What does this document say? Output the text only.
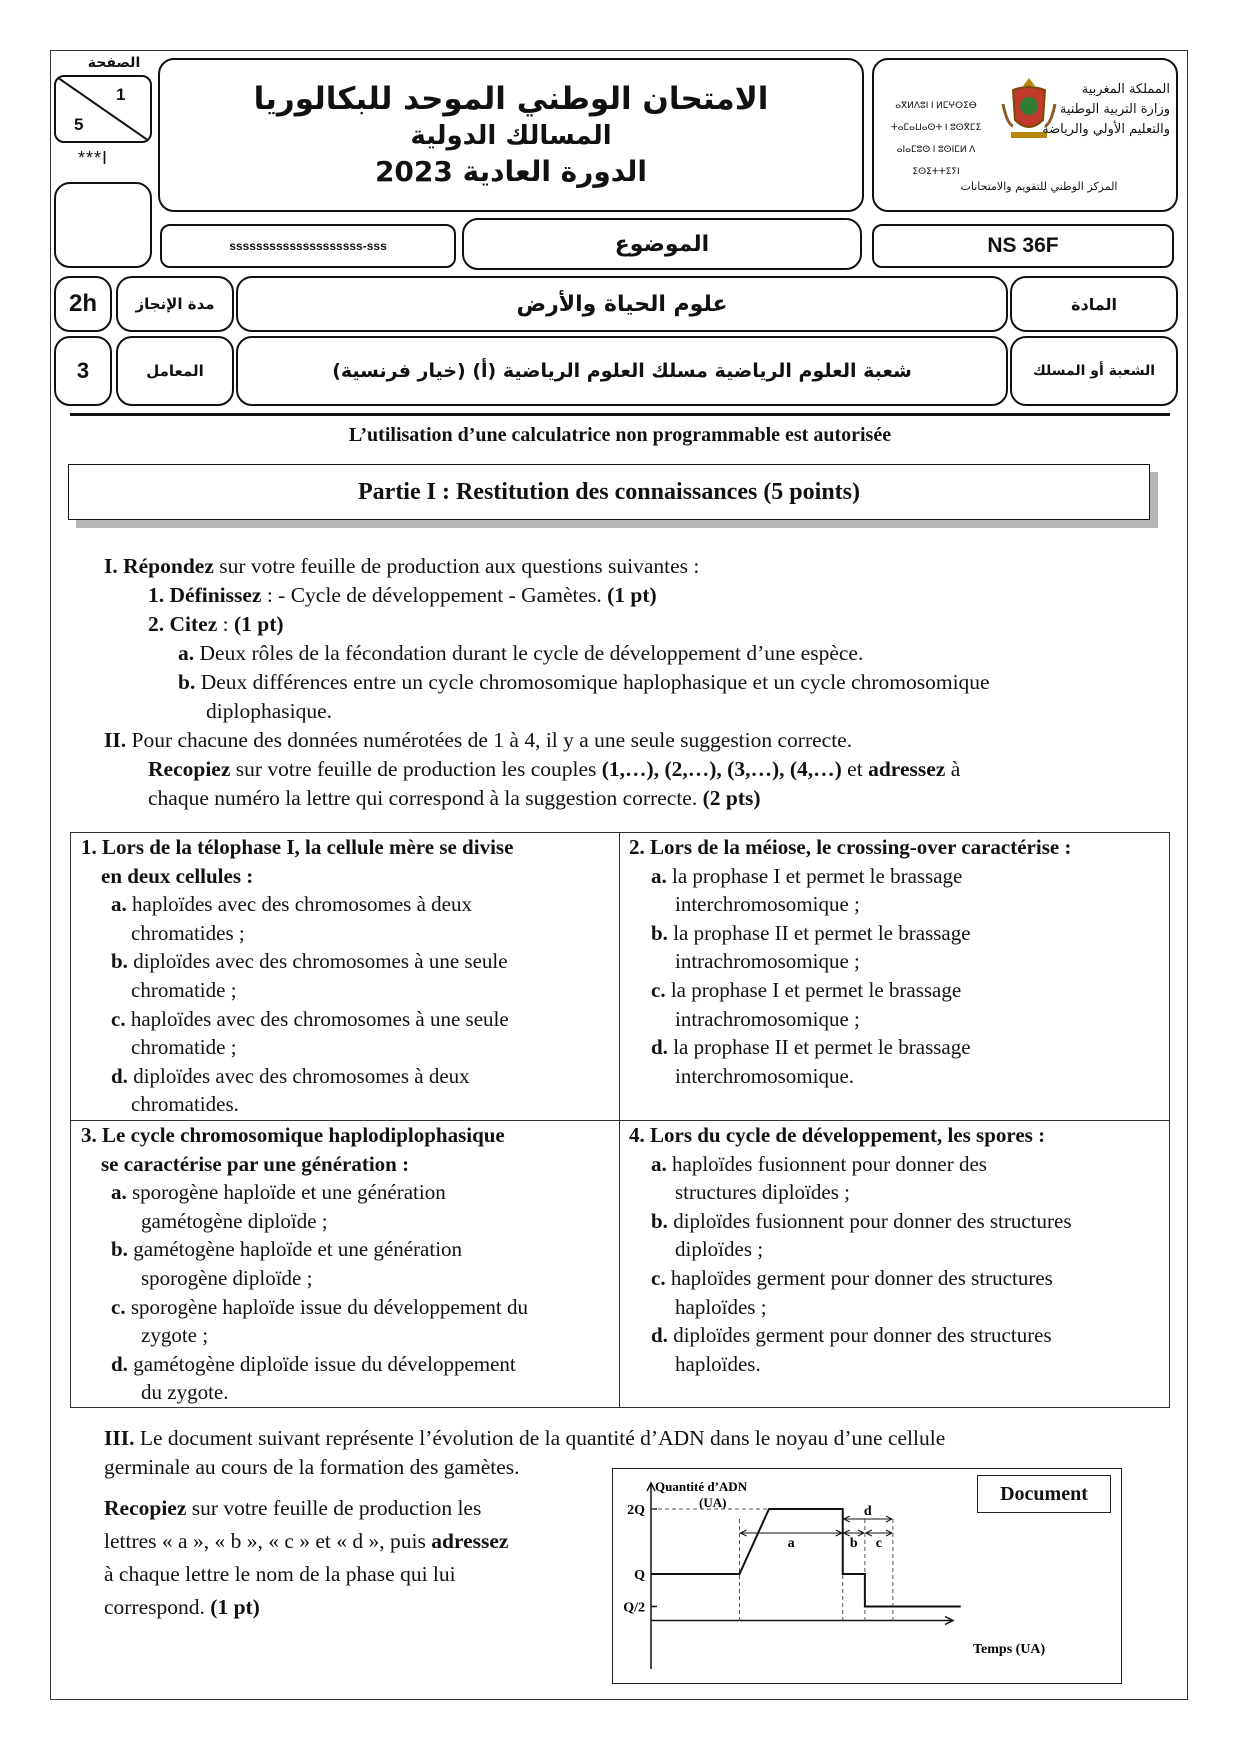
الصفحة
1
5
***I
الامتحان الوطني الموحد للبكالوريا
المسالك الدولية
الدورة العادية 2023
ⴰⴳⵍⴷⵓⵏ ⵏ ⵍⵎⵖⵔⵉⴱ
ⵜⴰⵎⴰⵡⴰⵙⵜ ⵏ ⵓⵙⴳⵎⵉ
ⴰⵏⴰⵎⵓⵙ ⵏ ⵓⵙⵏⵎⵍ ⴷ ⵉⵙⵉⵜⵜⵉⵢⵏ
المملكة المغربية
وزارة التربية الوطنية
والتعليم الأولي والرياضة
المركز الوطني للتقويم والامتحانات
ssssssssssssssssssss-sss	الموضوع	NS 36F
2h	مدة الإنجاز	علوم الحياة والأرض	المادة
3	المعامل	شعبة العلوم الرياضية مسلك العلوم الرياضية (أ) (خيار فرنسية)	الشعبة أو المسلك
L’utilisation d’une calculatrice non programmable est autorisée
Partie I : Restitution des connaissances (5 points)

I. Répondez sur votre feuille de production aux questions suivantes :

1. Définissez : - Cycle de développement - Gamètes. (1 pt)

2. Citez : (1 pt)

a. Deux rôles de la fécondation durant le cycle de développement d’une espèce.

b. Deux différences entre un cycle chromosomique haplophasique et un cycle chromosomique

diplophasique.

II. Pour chacune des données numérotées de 1 à 4, il y a une seule suggestion correcte.

Recopiez sur votre feuille de production les couples (1,…), (2,…), (3,…), (4,…) et adressez à

chaque numéro la lettre qui correspond à la suggestion correcte. (2 pts)

1. Lors de la télophase I, la cellule mère se divise

en deux cellules :

a. haploïdes avec des chromosomes à deux

chromatides ;

b. diploïdes avec des chromosomes à une seule

chromatide ;

c. haploïdes avec des chromosomes à une seule

chromatide ;

d. diploïdes avec des chromosomes à deux

chromatides.

2. Lors de la méiose, le crossing-over caractérise :

a. la prophase I et permet le brassage

interchromosomique ;

b. la prophase II et permet le brassage

intrachromosomique ;

c. la prophase I et permet le brassage

intrachromosomique ;

d. la prophase II et permet le brassage

interchromosomique.

3. Le cycle chromosomique haplodiplophasique

se caractérise par une génération :

a. sporogène haploïde et une génération

gamétogène diploïde ;

b. gamétogène haploïde et une génération

sporogène diploïde ;

c. sporogène haploïde issue du développement du

zygote ;

d. gamétogène diploïde issue du développement

du zygote.

4. Lors du cycle de développement, les spores :

a. haploïdes fusionnent pour donner des

structures diploïdes ;

b. diploïdes fusionnent pour donner des structures

diploïdes ;

c. haploïdes germent pour donner des structures

haploïdes ;

d. diploïdes germent pour donner des structures

haploïdes.

III. Le document suivant représente l’évolution de la quantité d’ADN dans le noyau d’une cellule

germinale au cours de la formation des gamètes.

Recopiez sur votre feuille de production les

lettres « a », « b », « c » et « d », puis adressez

à chaque lettre le nom de la phase qui lui

correspond. (1 pt)

Quantité d’ADN
(UA)
Temps (UA)
Q/2
Q
2Q
a	b c
d
Document
